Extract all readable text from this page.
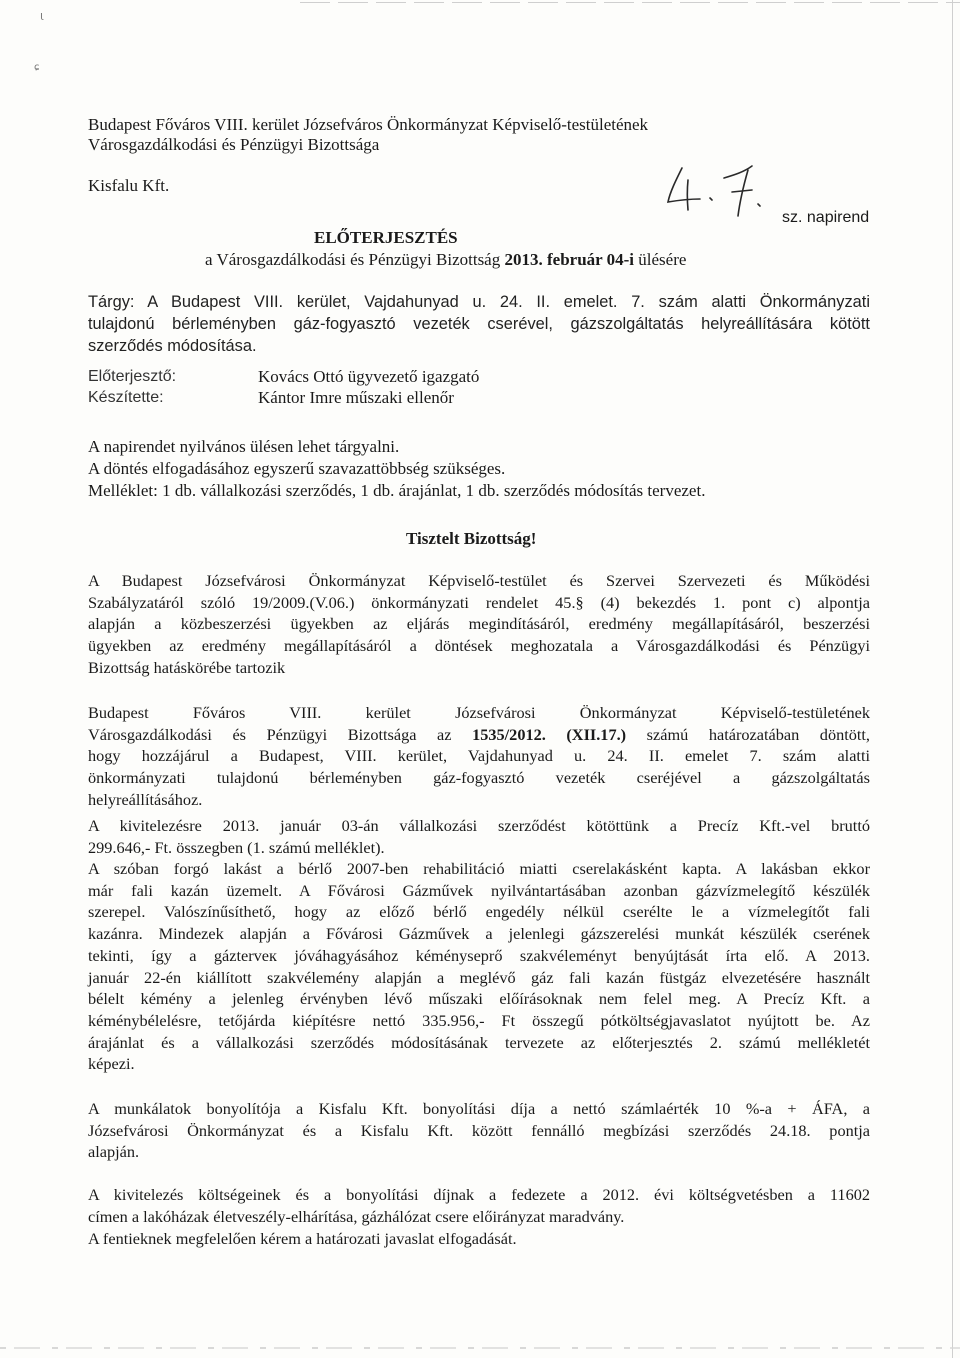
Ɩ
ɕ
Budapest Főváros VIII. kerület Józsefváros Önkormányzat Képviselő-testületének
Városgazdálkodási és Pénzügyi Bizottsága
Kisfalu Kft.
sz. napirend
ELŐTERJESZTÉS
a Városgazdálkodási és Pénzügyi Bizottság 2013. február 04-i ülésére
Tárgy: A Budapest VIII. kerület, Vajdahunyad u. 24. II. emelet. 7. szám alatti Önkormányzati
tulajdonú bérleményben gáz-fogyasztó vezeték cserével, gázszolgáltatás helyreállítására kötött
szerződés módosítása.
Előterjesztő:	Kovács Ottó ügyvezető igazgató
Készítette:	Kántor Imre műszaki ellenőr
A napirendet nyilvános ülésen lehet tárgyalni.
A döntés elfogadásához egyszerű szavazattöbbség szükséges.
Melléklet: 1 db. vállalkozási szerződés, 1 db. árajánlat, 1 db. szerződés módosítás tervezet.
Tisztelt Bizottság!
A Budapest Józsefvárosi Önkormányzat Képviselő-testület és Szervei Szervezeti és Működési
Szabályzatáról szóló 19/2009.(V.06.) önkormányzati rendelet 45.§ (4) bekezdés 1. pont c) alpontja
alapján a közbeszerzési ügyekben az eljárás megindításáról, eredmény megállapításáról, beszerzési
ügyekben az eredmény megállapításáról a döntések meghozatala a Városgazdálkodási és Pénzügyi
Bizottság hatáskörébe tartozik
Budapest Főváros VIII. kerület Józsefvárosi Önkormányzat Képviselő-testületének
Városgazdálkodási és Pénzügyi Bizottsága az 1535/2012. (XII.17.) számú határozatában döntött,
hogy hozzájárul a Budapest, VIII. kerület, Vajdahunyad u. 24. II. emelet 7. szám alatti
önkormányzati tulajdonú bérleményben gáz-fogyasztó vezeték cseréjével a gázszolgáltatás
helyreállításához.
A kivitelezésre 2013. január 03-án vállalkozási szerződést kötöttünk a Precíz Kft.-vel bruttó
299.646,- Ft. összegben (1. számú melléklet).
A szóban forgó lakást a bérlő 2007-ben rehabilitáció miatti cserelakásként kapta. A lakásban ekkor
már fali kazán üzemelt. A Fővárosi Gázművek nyilvántartásában azonban gázvízmelegítő készülék
szerepel. Valószínűsíthető, hogy az előző bérlő engedély nélkül cserélte le a vízmelegítőt fali
kazánra. Mindezek alapján a Fővárosi Gázművek a jelenlegi gázszerelési munkát készülék cserének
tekinti, így a gázterveк jóváhagyásához kéményseprő szakvéleményt benyújtását írta elő. A 2013.
január 22-én kiállított szakvélemény alapján a meglévő gáz fali kazán füstgáz elvezetésére használt
bélelt kémény a jelenleg érvényben lévő műszaki előírásoknak nem felel meg. A Precíz Kft. a
kéménybélelésre, tetőjárda kiépítésre nettó 335.956,- Ft összegű pótköltségjavaslatot nyújtott be. Az
árajánlat és a vállalkozási szerződés módosításának tervezete az előterjesztés 2. számú mellékletét
képezi.
A munkálatok bonyolítója a Kisfalu Kft. bonyolítási díja a nettó számlaérték 10 %-a + ÁFA, a
Józsefvárosi Önkormányzat és a Kisfalu Kft. között fennálló megbízási szerződés 24.18. pontja
alapján.
A kivitelezés költségeinek és a bonyolítási díjnak a fedezete a 2012. évi költségvetésben a 11602
címen a lakóházak életveszély-elhárítása, gázhálózat csere előirányzat maradvány.
A fentieknek megfelelően kérem a határozati javaslat elfogadását.
